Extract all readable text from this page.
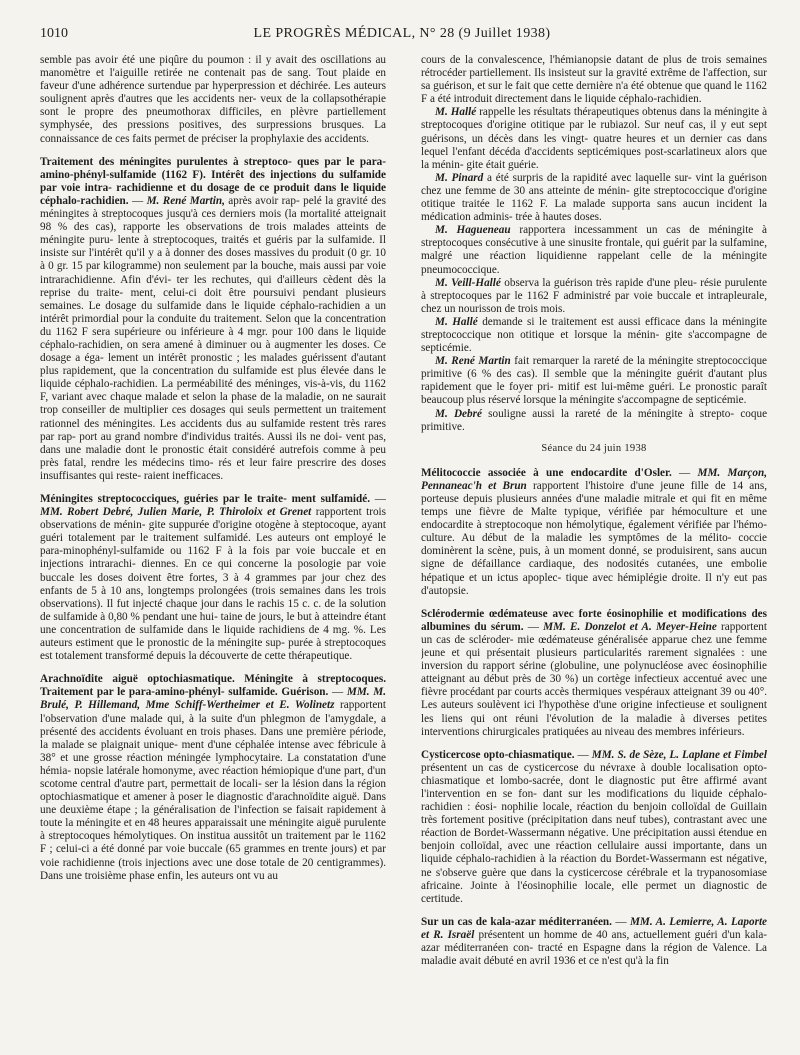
1010	LE PROGRÈS MÉDICAL, N° 28 (9 Juillet 1938)
semble pas avoir été une piqûre du poumon : il y avait des oscillations au manomètre et l'aiguille retirée ne contenait pas de sang. Tout plaide en faveur d'une adhérence surtendue par hyperpression et déchirée. Les auteurs soulignent après d'autres que les accidents ner- veux de la collapsothérapie sont le propre des pneumothorax difficiles, en plèvre partiellement symphysée, des pressions positives, des surpressions brusques. La connaissance de ces faits permet de préciser la prophylaxie des accidents.
Traitement des méningites purulentes à streptoco- ques par le para-amino-phényl-sulfamide (1162 F). Intérêt des injections du sulfamide par voie intra- rachidienne et du dosage de ce produit dans le liquide céphalo-rachidien. — M. René Martin, après avoir rap- pelé la gravité des méningites à streptocoques jusqu'à ces derniers mois (la mortalité atteignait 98 % des cas), rapporte les observations de trois malades atteints de méningite puru- lente à streptocoques, traités et guéris par la sulfamide. Il insiste sur l'intérêt qu'il y a à donner des doses massives du produit (0 gr. 10 à 0 gr. 15 par kilogramme) non seulement par la bouche, mais aussi par voie intrarachidienne. Afin d'évi- ter les rechutes, qui d'ailleurs cèdent dès la reprise du traite- ment, celui-ci doit être poursuivi pendant plusieurs semaines. Le dosage du sulfamide dans le liquide céphalo-rachidien a un intérêt primordial pour la conduite du traitement. Selon que la concentration du 1162 F sera supérieure ou inférieure à 4 mgr. pour 100 dans le liquide céphalo-rachidien, on sera amené à diminuer ou à augmenter les doses. Ce dosage a éga- lement un intérêt pronostic ; les malades guérissent d'autant plus rapidement, que la concentration du sulfamide est plus élevée dans le liquide céphalo-rachidien. La perméabilité des méninges, vis-à-vis, du 1162 F, variant avec chaque malade et selon la phase de la maladie, on ne saurait trop conseiller de multiplier ces dosages qui seuls permettent un traitement rationnel des méningites. Les accidents dus au sulfamide restent très rares par rap- port au grand nombre d'individus traités. Aussi ils ne doi- vent pas, dans une maladie dont le pronostic était considéré autrefois comme à peu près fatal, rendre les médecins timo- rés et leur faire prescrire des doses insuffisantes qui reste- raient inefficaces.
Méningites streptococciques, guéries par le traite- ment sulfamidé. — MM. Robert Debré, Julien Marie, P. Thiroloix et Grenet rapportent trois observations de ménin- gite suppurée d'origine otogène à steptocoque, ayant guéri totalement par le traitement sulfamidé. Les auteurs ont employé le para-minophényl-sulfamide ou 1162 F à la fois par voie buccale et en injections intrarachi- diennes. En ce qui concerne la posologie par voie buccale les doses doivent être fortes, 3 à 4 grammes par jour chez des enfants de 5 à 10 ans, longtemps prolongées (trois semaines dans les trois observations). Il fut injecté chaque jour dans le rachis 15 c. c. de la solution de sulfamide à 0,80 % pendant une hui- taine de jours, le but à atteindre étant une concentration de sulfamide dans le liquide rachidiens de 4 mg. %. Les auteurs estiment que le pronostic de la méningite sup- purée à streptocoques est totalement transformé depuis la découverte de cette thérapeutique.
Arachnoïdite aiguë optochiasmatique. Méningite à streptocoques. Traitement par le para-amino-phényl- sulfamide. Guérison. — MM. M. Brulé, P. Hillemand, Mme Schiff-Wertheimer et E. Wolinetz rapportent l'observation d'une malade qui, à la suite d'un phlegmon de l'amygdale, a présenté des accidents évoluant en trois phases. Dans une première période, la malade se plaignait unique- ment d'une céphalée intense avec fébricule à 38° et une grosse réaction méningée lymphocytaire. La constatation d'une hémia- nopsie latérale homonyme, avec réaction hémiopique d'une part, d'un scotome central d'autre part, permettait de locali- ser la lésion dans la région optochiasmatique et amener à poser le diagnostic d'arachnoïdite aiguë. Dans une deuxième étape ; la généralisation de l'infection se faisait rapidement à toute la méningite et en 48 heures apparaissait une méningite aiguë purulente à streptocoques hémolytiques. On institua aussitôt un traitement par le 1162 F ; celui-ci a été donné par voie buccale (65 grammes en trente jours) et par voie rachidienne (trois injections avec une dose totale de 20 centigrammes). Dans une troisième phase enfin, les auteurs ont vu au
cours de la convalescence, l'hémianopsie datant de plus de trois semaines rétrocéder partiellement. Ils insisteut sur la gravité extrême de l'affection, sur sa guérison, et sur le fait que cette dernière n'a été obtenue que quand le 1162 F a été introduit directement dans le liquide céphalo-rachidien.
M. Hallé rappelle les résultats thérapeutiques obtenus dans la méningite à streptocoques d'origine otitique par le rubiazol. Sur neuf cas, il y eut sept guérisons, un décès dans les vingt- quatre heures et un dernier cas dans lequel l'enfant décéda d'accidents septicémiques post-scarlatineux alors que la ménin- gite était guérie.
M. Pinard a été surpris de la rapidité avec laquelle sur- vint la guérison chez une femme de 30 ans atteinte de ménin- gite streptococcique d'origine otitique traitée le 1162 F. La malade supporta sans aucun incident la médication adminis- trée à hautes doses.
M. Hagueneau rapportera incessamment un cas de méningite à streptocoques consécutive à une sinusite frontale, qui guérit par la sulfamine, malgré une réaction liquidienne rappelant celle de la méningite pneumococcique.
M. Veill-Hallé observa la guérison très rapide d'une pleu- résie purulente à streptocoques par le 1162 F administré par voie buccale et intrapleurale, chez un nourisson de trois mois.
M. Hallé demande si le traitement est aussi efficace dans la méningite streptococcique non otitique et lorsque la ménin- gite s'accompagne de septicémie.
M. René Martin fait remarquer la rareté de la méningite streptococcique primitive (6 % des cas). Il semble que la méningite guérit d'autant plus rapidement que le foyer pri- mitif est lui-même guéri. Le pronostic paraît beaucoup plus réservé lorsque la méningite s'accompagne de septicémie.
M. Debré souligne aussi la rareté de la méningite à strepto- coque primitive.
Séance du 24 juin 1938
Mélitococcie associée à une endocardite d'Osler. — MM. Marçon, Pennaneac'h et Brun rapportent l'histoire d'une jeune fille de 14 ans, porteuse depuis plusieurs années d'une maladie mitrale et qui fit en même temps une fièvre de Malte typique, vérifiée par hémoculture et une endocardite à streptocoque non hémolytique, également vérifiée par l'hémo- culture. Au début de la maladie les symptômes de la mélito- coccie dominèrent la scène, puis, à un moment donné, se produisirent, sans aucun signe de défaillance cardiaque, des nodosités cutanées, une embolie hépatique et un ictus apoplec- tique avec hémiplégie droite. Il n'y eut pas d'autopsie.
Sclérodermie œdémateuse avec forte éosinophilie et modifications des albumines du sérum. — MM. E. Donzelot et A. Meyer-Heine rapportent un cas de scléroder- mie œdémateuse généralisée apparue chez une femme jeune et qui présentait plusieurs particularités rarement signalées : une inversion du rapport sérine (globuline, une polynucléose avec éosinophilie atteignant au début près de 30 %) un cortège infectieux accentué avec une fièvre procédant par courts accès thermiques vespéraux atteignant 39 ou 40°. Les auteurs soulèvent ici l'hypothèse d'une origine infectieuse et soulignent les liens qui ont réuni l'évolution de la maladie à diverses petites interventions chirurgicales pratiquées au niveau des membres inférieurs.
Cysticercose opto-chiasmatique. — MM. S. de Sèze, L. Laplane et Fimbel présentent un cas de cysticercose du névraxe à double localisation opto-chiasmatique et lombo-sacrée, dont le diagnostic put être affirmé avant l'intervention en se fon- dant sur les modifications du liquide céphalo-rachidien : éosi- nophilie locale, réaction du benjoin colloïdal de Guillain très fortement positive (précipitation dans neuf tubes), contrastant avec une réaction de Bordet-Wassermann négative. Une précipitation aussi étendue en benjoin colloïdal, avec une réaction cellulaire aussi importante, dans un liquide céphalo-rachidien à la réaction du Bordet-Wassermann est négative, ne s'observe guère que dans la cysticercose cérébrale et la trypanosomiase africaine. Jointe à l'éosinophilie locale, elle permet un diagnostic de certitude.
Sur un cas de kala-azar méditerranéen. — MM. A. Lemierre, A. Laporte et R. Israël présentent un homme de 40 ans, actuellement guéri d'un kala-azar méditerranéen con- tracté en Espagne dans la région de Valence. La maladie avait débuté en avril 1936 et ce n'est qu'à la fin
